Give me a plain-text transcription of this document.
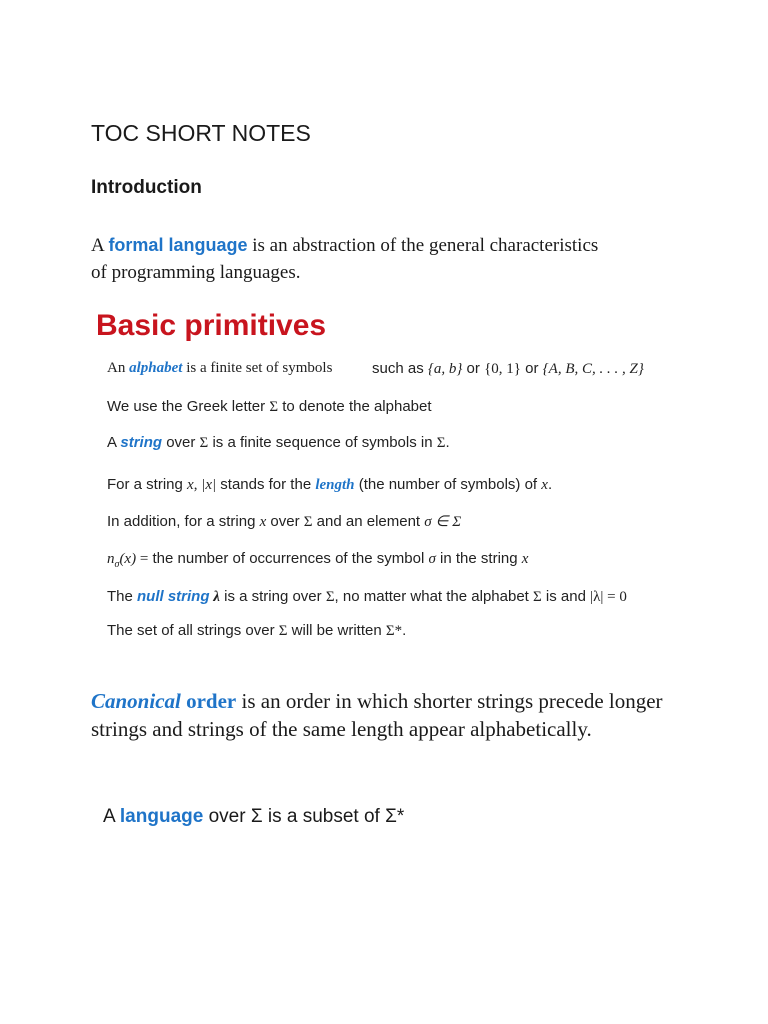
TOC SHORT NOTES
Introduction
A formal language is an abstraction of the general characteristics
of programming languages.
Basic primitives
An alphabet is a finite set of symbols	such as {a, b} or {0, 1} or {A, B, C, . . . , Z}
We use the Greek letter Σ to denote the alphabet
A string over Σ is a finite sequence of symbols in Σ.
For a string x, |x| stands for the length (the number of symbols) of x.
In addition, for a string x over Σ and an element σ ∈ Σ
$n_\sigma(x)$ = the number of occurrences of the symbol σ in the string x
The null string λ is a string over Σ, no matter what the alphabet Σ is and |λ| = 0
The set of all strings over Σ will be written Σ*.
Canonical order is an order in which shorter strings precede longer strings and strings of the same length appear alphabetically.
A language over Σ is a subset of Σ*
